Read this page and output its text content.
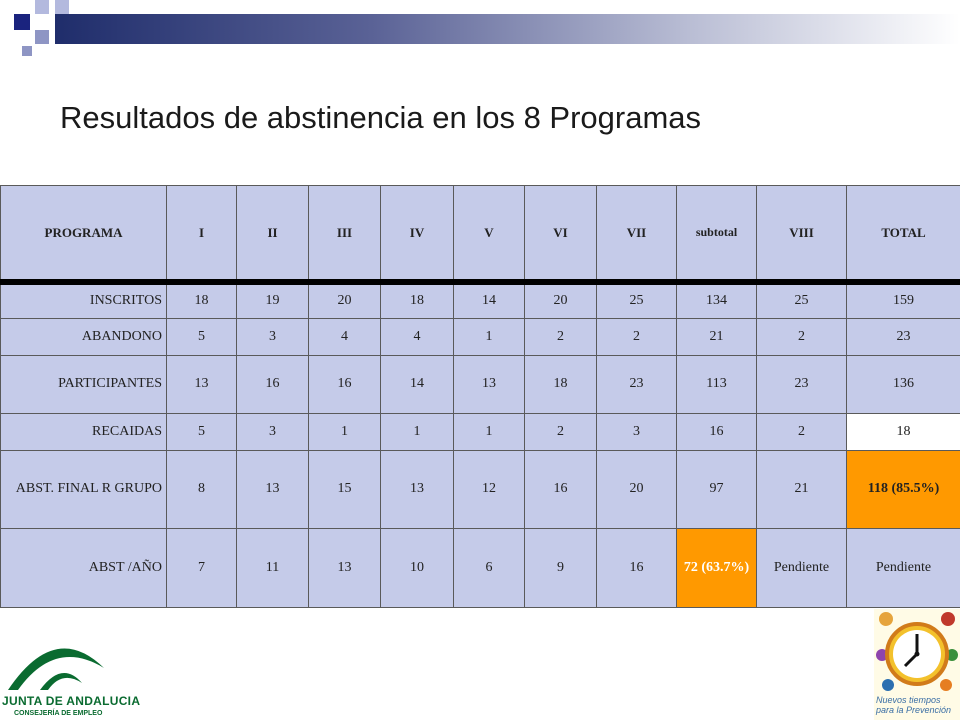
Resultados de abstinencia en los 8 Programas
PROGRAMA	I	II	III	IV	V	VI	VII	subtotal	VIII	TOTAL
INSCRITOS	18	19	20	18	14	20	25	134	25	159
ABANDONO	5	3	4	4	1	2	2	21	2	23
PARTICIPANTES	13	16	16	14	13	18	23	113	23	136
RECAIDAS	5	3	1	1	1	2	3	16	2	18
ABST. FINAL R GRUPO	8	13	15	13	12	16	20	97	21	118 (85.5%)
ABST /AÑO	7	11	13	10	6	9	16	72 (63.7%)	Pendiente	Pendiente
JUNTA DE ANDALUCIA
CONSEJERÍA DE EMPLEO
Nuevos tiempos para la Prevención
